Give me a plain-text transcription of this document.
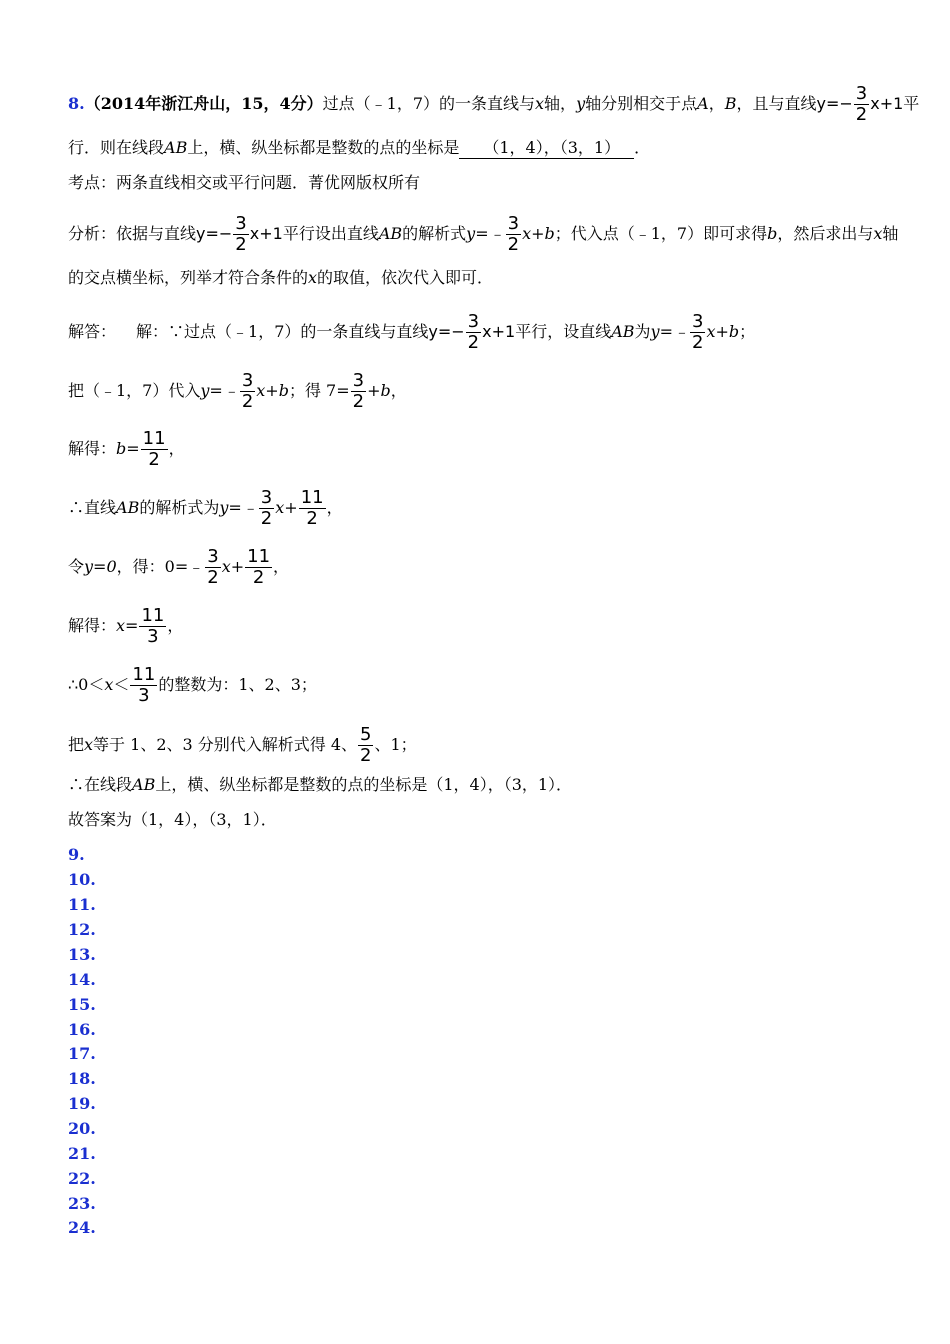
8.（2014年浙江舟山，15，4分）过点（﹣1，7）的一条直线与x轴，y轴分别相交于点A，B，且与直线$y=- \frac{3}{2} x+1$平
行．则在线段AB上，横、纵坐标都是整数的点的坐标是 （1，4），（3，1） ．
考点：两条直线相交或平行问题．菁优网版权所有
分析：依据与直线$y=- \frac{3}{2} x+1$平行设出直线AB的解析式y=﹣ $\frac{3}{2} x+b$；代入点（﹣1，7）即可求得b，然后求出与x轴
的交点横坐标，列举才符合条件的x的取值，依次代入即可．
解答： 解：∵过点（﹣1，7）的一条直线与直线$y=- \frac{3}{2} x+1$平行，设直线AB为y=﹣ $\frac{3}{2} x+b$；
把（﹣1，7）代入y=﹣ $\frac{3}{2} x+b$；得 $7= \frac{3}{2} +b$，
解得：$b= \frac{11}{2}$ ，
∴直线AB的解析式为y=﹣ $\frac{3}{2} x+ \frac{11}{2}$ ，
令y=0，得：0=﹣ $\frac{3}{2} x+ \frac{11}{2}$ ，
解得：$x= \frac{11}{3}$ ，
∴0＜x＜ $\frac{11}{3}$ 的整数为：1、2、3；
把x等于 1、2、3 分别代入解析式得 4、 $\frac{5}{2}$ 、1；
∴在线段AB上，横、纵坐标都是整数的点的坐标是（1，4），（3，1）．
故答案为（1，4），（3，1）．
9.
10.
11.
12.
13.
14.
15.
16.
17.
18.
19.
20.
21.
22.
23.
24.
